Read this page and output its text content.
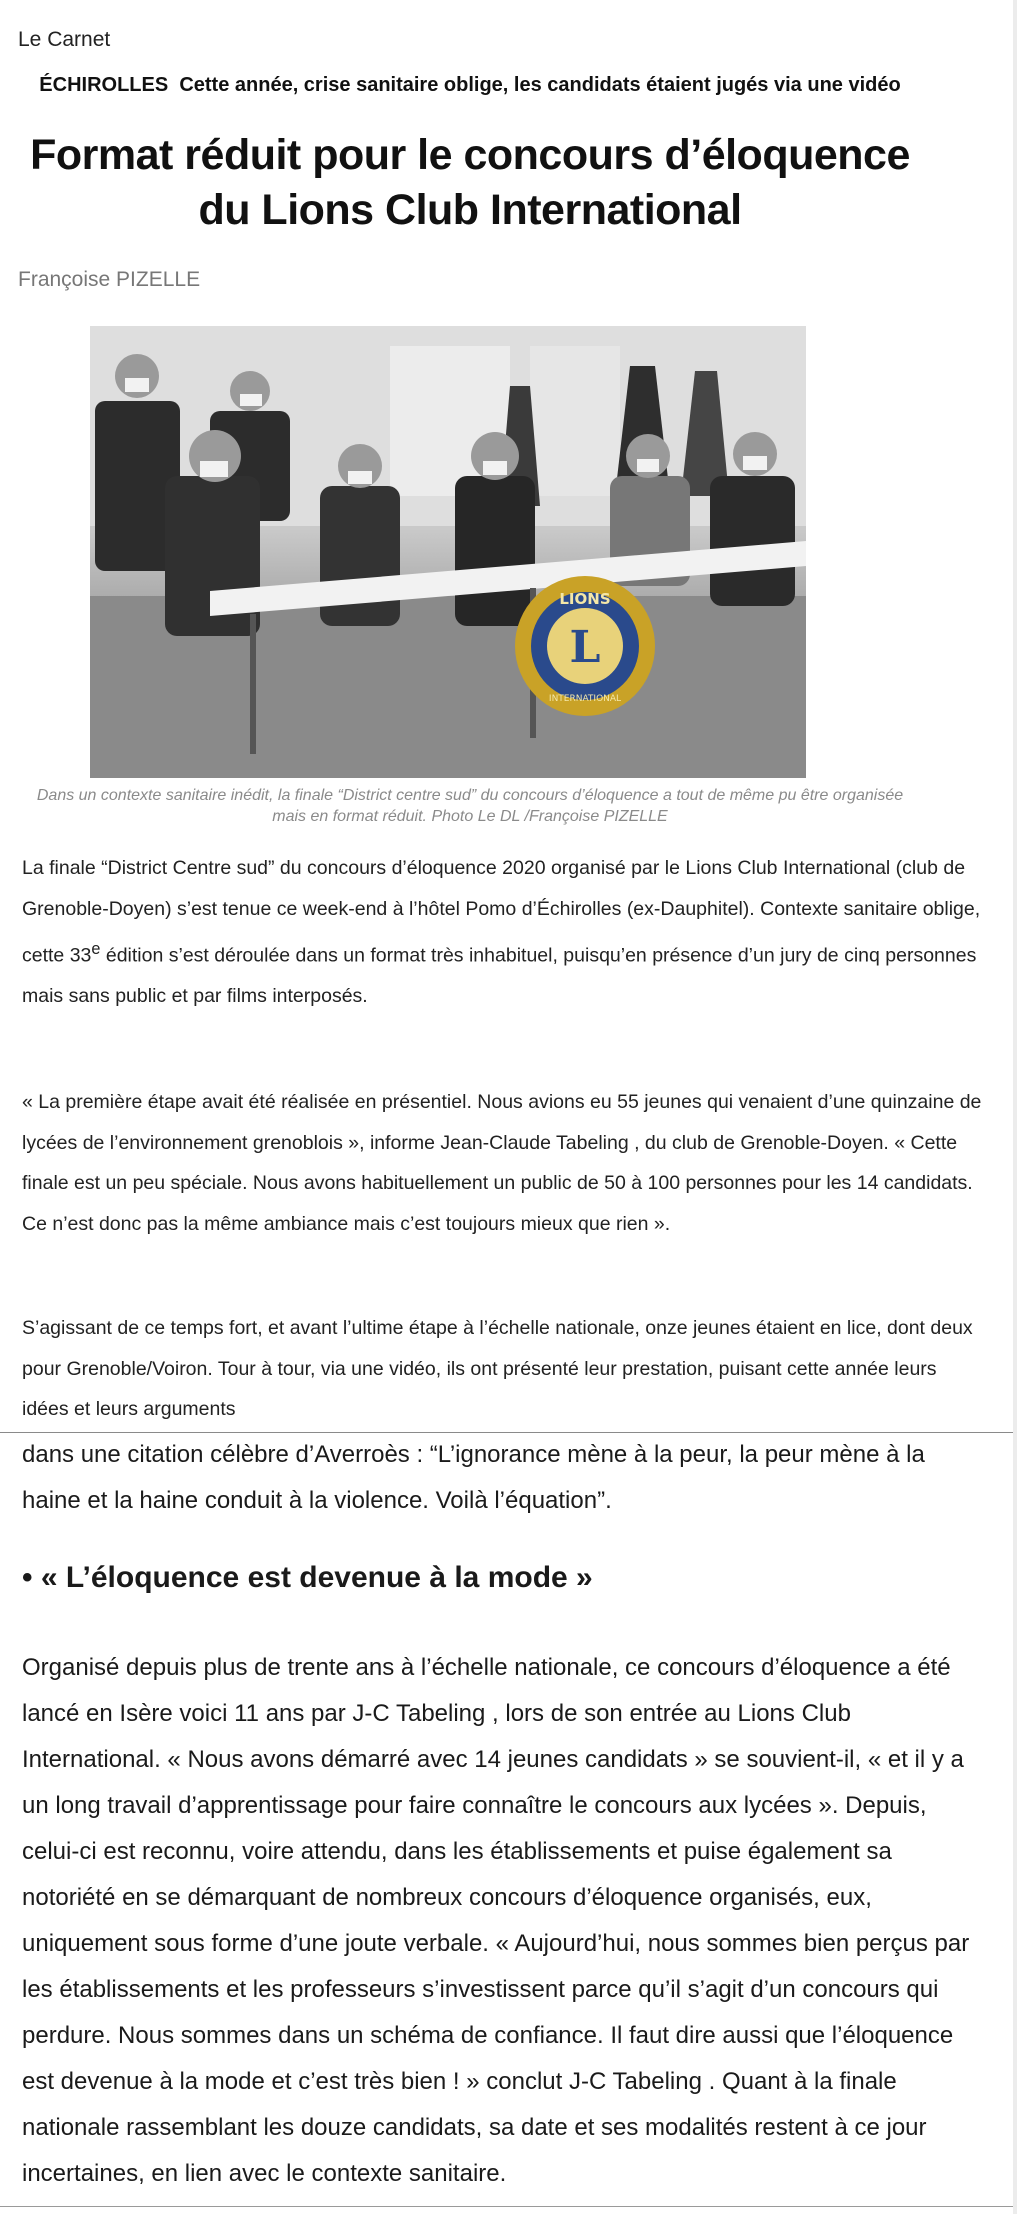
Le Carnet
ÉCHIROLLES Cette année, crise sanitaire oblige, les candidats étaient jugés via une vidéo
Format réduit pour le concours d’éloquence du Lions Club International
Françoise PIZELLE
L
LIONS
INTERNATIONAL
Dans un contexte sanitaire inédit, la finale “District centre sud” du concours d’éloquence a tout de même pu être organisée mais en format réduit. Photo Le DL /Françoise PIZELLE
La finale “District Centre sud” du concours d’éloquence 2020 organisé par le Lions Club International (club de Grenoble-Doyen) s’est tenue ce week-end à l’hôtel Pomo d’Échirolles (ex-Dauphitel). Contexte sanitaire oblige, cette 33e édition s’est déroulée dans un format très inhabituel, puisqu’en présence d’un jury de cinq personnes mais sans public et par films interposés.
« La première étape avait été réalisée en présentiel. Nous avions eu 55 jeunes qui venaient d’une quinzaine de lycées de l’environnement grenoblois », informe Jean-Claude Tabeling , du club de Grenoble-Doyen. « Cette finale est un peu spéciale. Nous avons habituellement un public de 50 à 100 personnes pour les 14 candidats. Ce n’est donc pas la même ambiance mais c’est toujours mieux que rien ».
S’agissant de ce temps fort, et avant l’ultime étape à l’échelle nationale, onze jeunes étaient en lice, dont deux pour Grenoble/Voiron. Tour à tour, via une vidéo, ils ont présenté leur prestation, puisant cette année leurs idées et leurs arguments
dans une citation célèbre d’Averroès : “L’ignorance mène à la peur, la peur mène à la haine et la haine conduit à la violence. Voilà l’équation”.
• « L’éloquence est devenue à la mode »
Organisé depuis plus de trente ans à l’échelle nationale, ce concours d’éloquence a été lancé en Isère voici 11 ans par J-C Tabeling , lors de son entrée au Lions Club International. « Nous avons démarré avec 14 jeunes candidats » se souvient-il, « et il y a un long travail d’apprentissage pour faire connaître le concours aux lycées ». Depuis, celui-ci est reconnu, voire attendu, dans les établissements et puise également sa notoriété en se démarquant de nombreux concours d’éloquence organisés, eux, uniquement sous forme d’une joute verbale. « Aujourd’hui, nous sommes bien perçus par les établissements et les professeurs s’investissent parce qu’il s’agit d’un concours qui perdure. Nous sommes dans un schéma de confiance. Il faut dire aussi que l’éloquence est devenue à la mode et c’est très bien ! » conclut J-C Tabeling . Quant à la finale nationale rassemblant les douze candidats, sa date et ses modalités restent à ce jour incertaines, en lien avec le contexte sanitaire.
